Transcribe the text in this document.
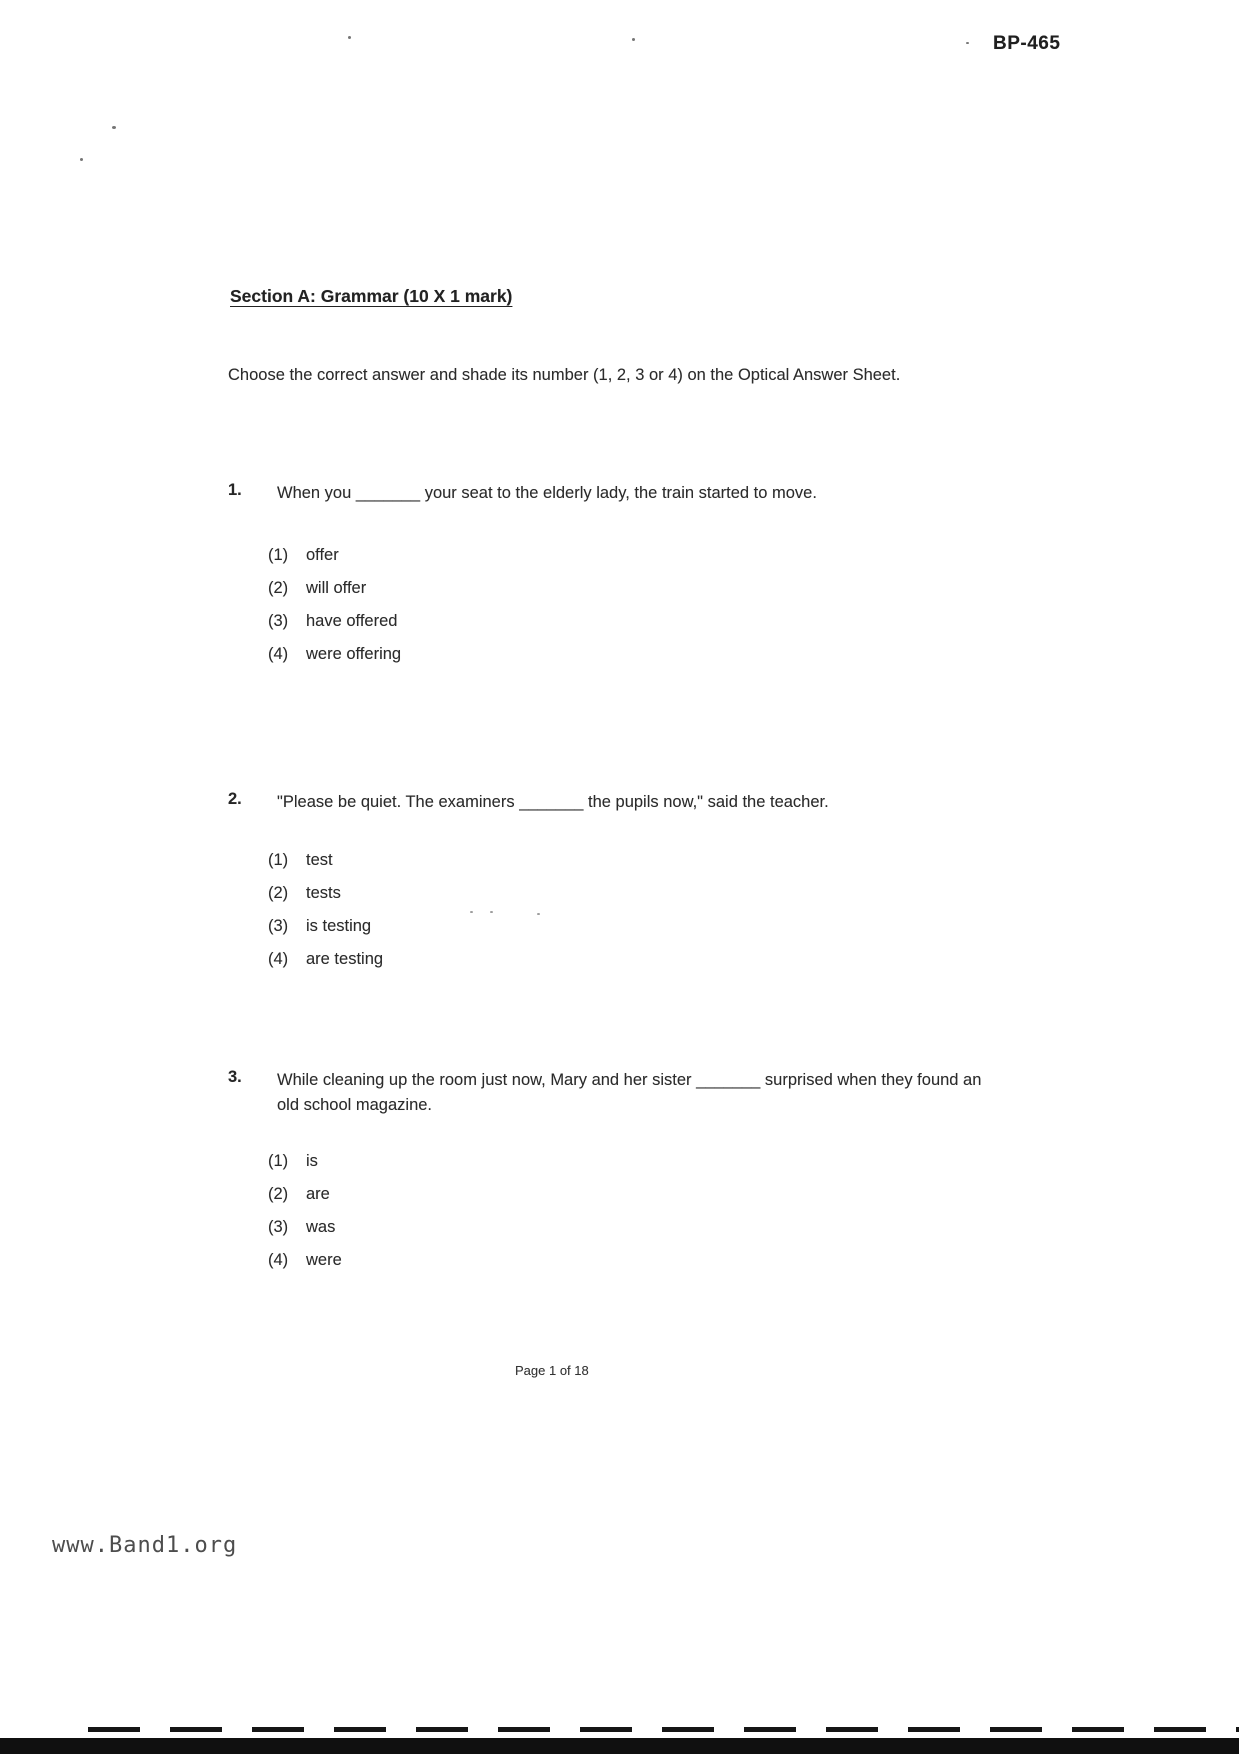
BP-465
Section A: Grammar (10 X 1 mark)
Choose the correct answer and shade its number (1, 2, 3 or 4) on the Optical Answer Sheet.
1.	When you _______ your seat to the elderly lady, the train started to move.
(1)	offer
(2)	will offer
(3)	have offered
(4)	were offering
2.	"Please be quiet. The examiners _______ the pupils now," said the teacher.
(1)	test
(2)	tests
(3)	is testing
(4)	are testing
3.	While cleaning up the room just now, Mary and her sister _______ surprised when they found an old school magazine.
(1)	is
(2)	are
(3)	was
(4)	were
Page 1 of 18
www.Band1.org
